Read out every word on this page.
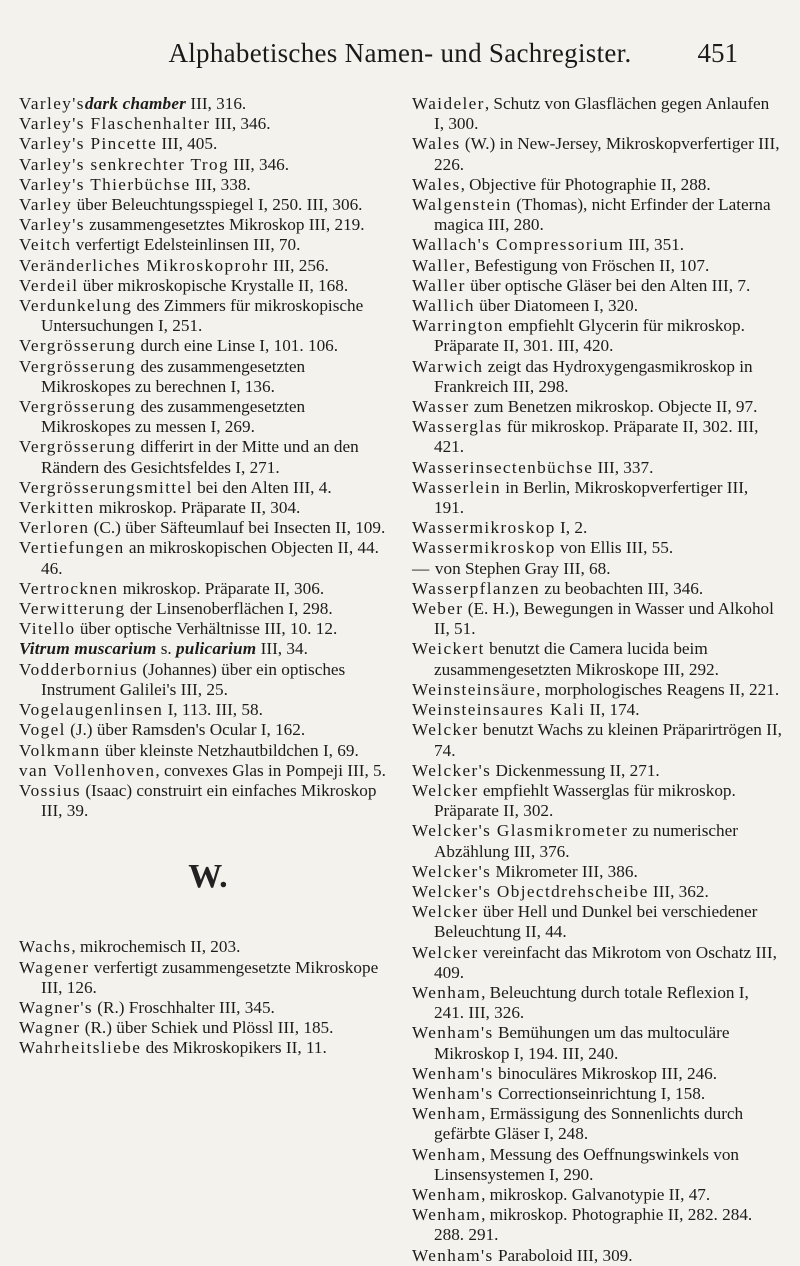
Alphabetisches Namen- und Sachregister.	451

Varley'sdark chamber III, 316.

Varley's Flaschenhalter III, 346.

Varley's Pincette III, 405.

Varley's senkrechter Trog III, 346.

Varley's Thierbüchse III, 338.

Varley über Beleuchtungsspiegel I, 250. III, 306.

Varley's zusammengesetztes Mikroskop III, 219.

Veitch verfertigt Edelsteinlinsen III, 70.

Veränderliches Mikroskoprohr III, 256.

Verdeil über mikroskopische Krystalle II, 168.

Verdunkelung des Zimmers für mikroskopische Untersuchungen I, 251.

Vergrösserung durch eine Linse I, 101. 106.

Vergrösserung des zusammengesetzten Mikroskopes zu berechnen I, 136.

Vergrösserung des zusammengesetzten Mikroskopes zu messen I, 269.

Vergrösserung differirt in der Mitte und an den Rändern des Gesichtsfeldes I, 271.

Vergrösserungsmittel bei den Alten III, 4.

Verkitten mikroskop. Präparate II, 304.

Verloren (C.) über Säfteumlauf bei Insecten II, 109.

Vertiefungen an mikroskopischen Objecten II, 44. 46.

Vertrocknen mikroskop. Präparate II, 306.

Verwitterung der Linsenoberflächen I, 298.

Vitello über optische Verhältnisse III, 10. 12.

Vitrum muscarium s. pulicarium III, 34.

Vodderbornius (Johannes) über ein optisches Instrument Galilei's III, 25.

Vogelaugenlinsen I, 113. III, 58.

Vogel (J.) über Ramsden's Ocular I, 162.

Volkmann über kleinste Netzhautbildchen I, 69.

van Vollenhoven, convexes Glas in Pompeji III, 5.

Vossius (Isaac) construirt ein einfaches Mikroskop III, 39.

W.

Wachs, mikrochemisch II, 203.

Wagener verfertigt zusammengesetzte Mikroskope III, 126.

Wagner's (R.) Froschhalter III, 345.

Wagner (R.) über Schiek und Plössl III, 185.

Wahrheitsliebe des Mikroskopikers II, 11.

Waideler, Schutz von Glasflächen gegen Anlaufen I, 300.

Wales (W.) in New-Jersey, Mikroskopverfertiger III, 226.

Wales, Objective für Photographie II, 288.

Walgenstein (Thomas), nicht Erfinder der Laterna magica III, 280.

Wallach's Compressorium III, 351.

Waller, Befestigung von Fröschen II, 107.

Waller über optische Gläser bei den Alten III, 7.

Wallich über Diatomeen I, 320.

Warrington empfiehlt Glycerin für mikroskop. Präparate II, 301. III, 420.

Warwich zeigt das Hydroxygengasmikroskop in Frankreich III, 298.

Wasser zum Benetzen mikroskop. Objecte II, 97.

Wasserglas für mikroskop. Präparate II, 302. III, 421.

Wasserinsectenbüchse III, 337.

Wasserlein in Berlin, Mikroskopverfertiger III, 191.

Wassermikroskop I, 2.

Wassermikroskop von Ellis III, 55.

— von Stephen Gray III, 68.

Wasserpflanzen zu beobachten III, 346.

Weber (E. H.), Bewegungen in Wasser und Alkohol II, 51.

Weickert benutzt die Camera lucida beim zusammengesetzten Mikroskope III, 292.

Weinsteinsäure, morphologisches Reagens II, 221.

Weinsteinsaures Kali II, 174.

Welcker benutzt Wachs zu kleinen Präparirtrögen II, 74.

Welcker's Dickenmessung II, 271.

Welcker empfiehlt Wasserglas für mikroskop. Präparate II, 302.

Welcker's Glasmikrometer zu numerischer Abzählung III, 376.

Welcker's Mikrometer III, 386.

Welcker's Objectdrehscheibe III, 362.

Welcker über Hell und Dunkel bei verschiedener Beleuchtung II, 44.

Welcker vereinfacht das Mikrotom von Oschatz III, 409.

Wenham, Beleuchtung durch totale Reflexion I, 241. III, 326.

Wenham's Bemühungen um das multoculäre Mikroskop I, 194. III, 240.

Wenham's binoculäres Mikroskop III, 246.

Wenham's Correctionseinrichtung I, 158.

Wenham, Ermässigung des Sonnenlichts durch gefärbte Gläser I, 248.

Wenham, Messung des Oeffnungswinkels von Linsensystemen I, 290.

Wenham, mikroskop. Galvanotypie II, 47.

Wenham, mikroskop. Photographie II, 282. 284. 288. 291.

Wenham's Paraboloid III, 309.
